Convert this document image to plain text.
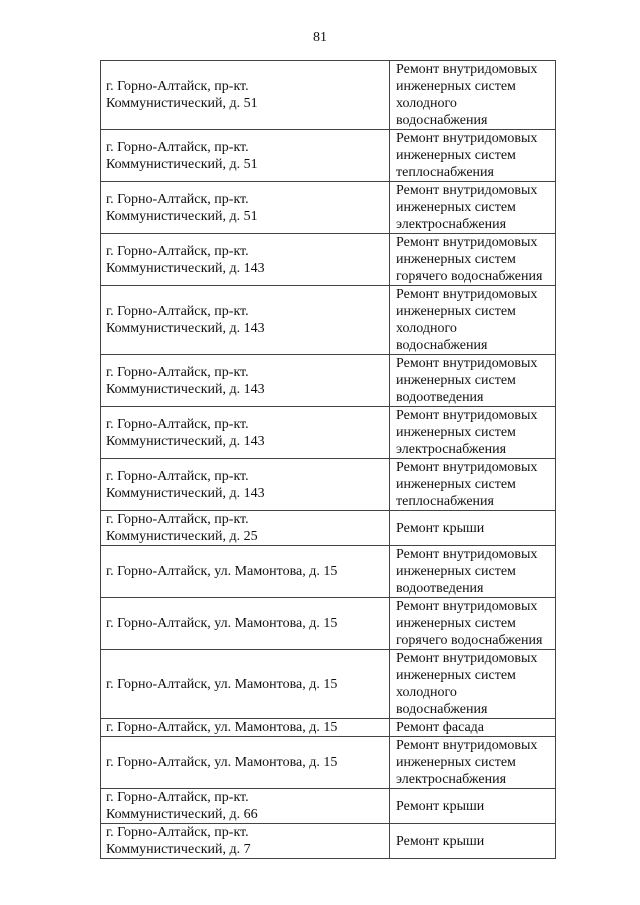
81
г. Горно-Алтайск, пр-кт.
Коммунистический, д. 51	Ремонт внутридомовых
инженерных систем
холодного водоснабжения
г. Горно-Алтайск, пр-кт.
Коммунистический, д. 51	Ремонт внутридомовых
инженерных систем
теплоснабжения
г. Горно-Алтайск, пр-кт.
Коммунистический, д. 51	Ремонт внутридомовых
инженерных систем
электроснабжения
г. Горно-Алтайск, пр-кт.
Коммунистический, д. 143	Ремонт внутридомовых
инженерных систем
горячего водоснабжения
г. Горно-Алтайск, пр-кт.
Коммунистический, д. 143	Ремонт внутридомовых
инженерных систем
холодного водоснабжения
г. Горно-Алтайск, пр-кт.
Коммунистический, д. 143	Ремонт внутридомовых
инженерных систем
водоотведения
г. Горно-Алтайск, пр-кт.
Коммунистический, д. 143	Ремонт внутридомовых
инженерных систем
электроснабжения
г. Горно-Алтайск, пр-кт.
Коммунистический, д. 143	Ремонт внутридомовых
инженерных систем
теплоснабжения
г. Горно-Алтайск, пр-кт.
Коммунистический, д. 25	Ремонт крыши
г. Горно-Алтайск, ул. Мамонтова, д. 15	Ремонт внутридомовых
инженерных систем
водоотведения
г. Горно-Алтайск, ул. Мамонтова, д. 15	Ремонт внутридомовых
инженерных систем
горячего водоснабжения
г. Горно-Алтайск, ул. Мамонтова, д. 15	Ремонт внутридомовых
инженерных систем
холодного водоснабжения
г. Горно-Алтайск, ул. Мамонтова, д. 15	Ремонт фасада
г. Горно-Алтайск, ул. Мамонтова, д. 15	Ремонт внутридомовых
инженерных систем
электроснабжения
г. Горно-Алтайск, пр-кт.
Коммунистический, д. 66	Ремонт крыши
г. Горно-Алтайск, пр-кт.
Коммунистический, д. 7	Ремонт крыши
